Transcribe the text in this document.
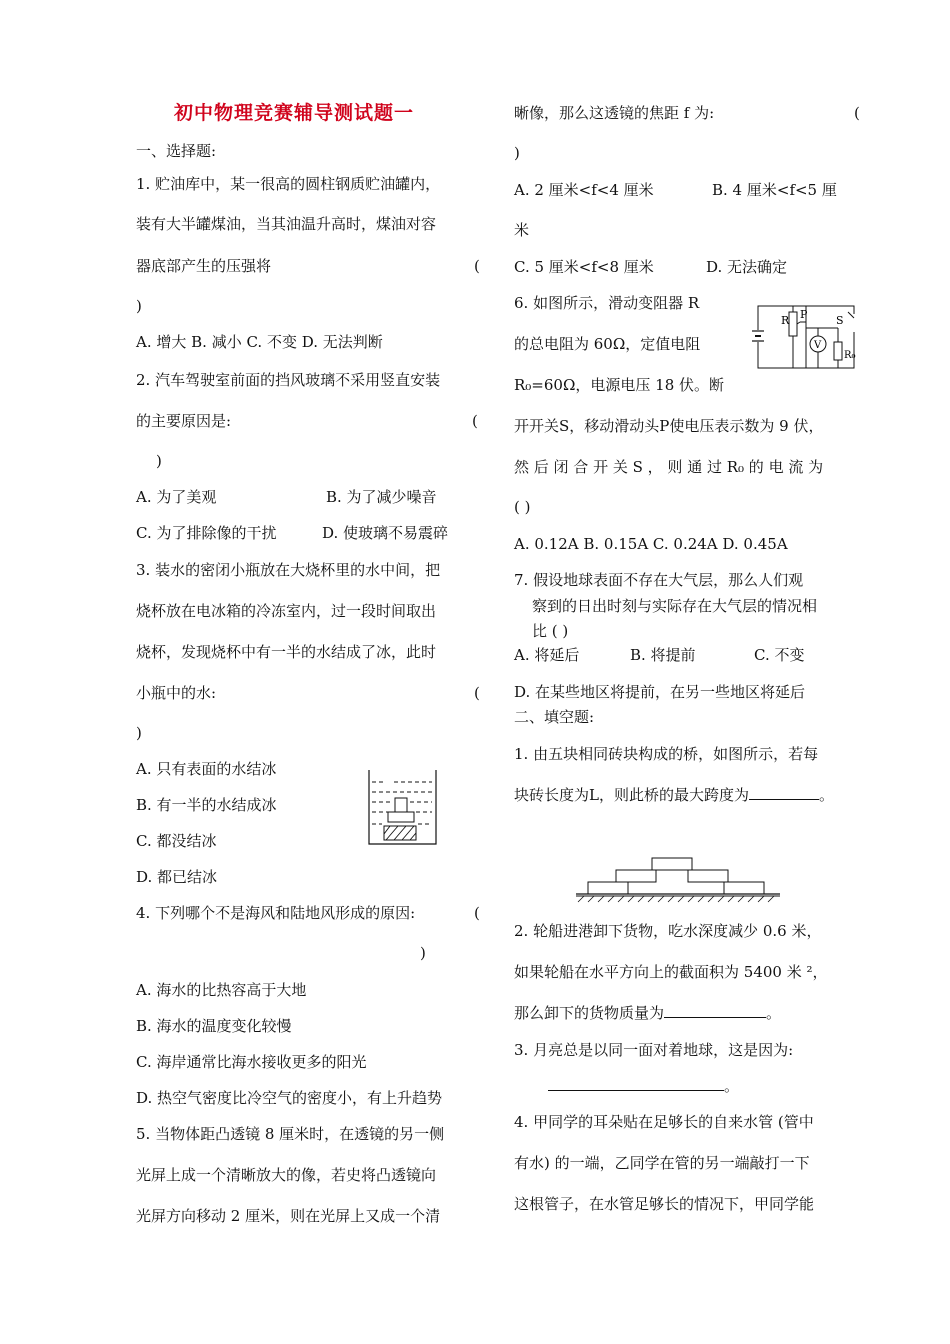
初中物理竞赛辅导测试题一
一、选择题:
1. 贮油库中，某一很高的圆柱钢质贮油罐内，
装有大半罐煤油，当其油温升高时，煤油对容
器底部产生的压强将	(
)
A. 增大 B. 减小 C. 不变 D. 无法判断
2. 汽车驾驶室前面的挡风玻璃不采用竖直安装
的主要原因是:	(
)
A. 为了美观	B. 为了减少噪音
C. 为了排除像的干扰	D. 使玻璃不易震碎
3. 装水的密闭小瓶放在大烧杯里的水中间，把
烧杯放在电冰箱的冷冻室内，过一段时间取出
烧杯，发现烧杯中有一半的水结成了冰，此时
小瓶中的水:	(
)
A. 只有表面的水结冰
B. 有一半的水结成冰
C. 都没结冰
D. 都已结冰
4. 下列哪个不是海风和陆地风形成的原因:	(
)
A. 海水的比热容高于大地
B. 海水的温度变化较慢
C. 海岸通常比海水接收更多的阳光
D. 热空气密度比冷空气的密度小，有上升趋势
5. 当物体距凸透镜 8 厘米时，在透镜的另一侧
光屏上成一个清晰放大的像，若史将凸透镜向
光屏方向移动 2 厘米，则在光屏上又成一个清
晰像，那么这透镜的焦距 f 为:	(
)
A. 2 厘米<f<4 厘米	B. 4 厘米<f<5 厘
米
C. 5 厘米<f<8 厘米	D. 无法确定
6. 如图所示，滑动变阻器 R
的总电阻为 60Ω，定值电阻
R₀=60Ω，电源电压 18 伏。断
开开关S，移动滑动头P使电压表示数为 9 伏，
然 后 闭 合 开 关 S ， 则 通 过 R₀ 的 电 流 为
( )
A. 0.12A B. 0.15A C. 0.24A D. 0.45A
7. 假设地球表面不存在大气层，那么人们观
察到的日出时刻与实际存在大气层的情况相
比 ( )
A. 将延后	B. 将提前	C. 不变
D. 在某些地区将提前，在另一些地区将延后
二、填空题:
1. 由五块相同砖块构成的桥，如图所示，若每
块砖长度为L，则此桥的最大跨度为	。
2. 轮船进港卸下货物，吃水深度减少 0.6 米，
如果轮船在水平方向上的截面积为 5400 米 ²，
那么卸下的货物质量为	。
3. 月亮总是以同一面对着地球，这是因为:
。
4. 甲同学的耳朵贴在足够长的自来水管 (管中
有水) 的一端，乙同学在管的另一端敲打一下
这根管子，在水管足够长的情况下，甲同学能
R P	S
V
R₀
